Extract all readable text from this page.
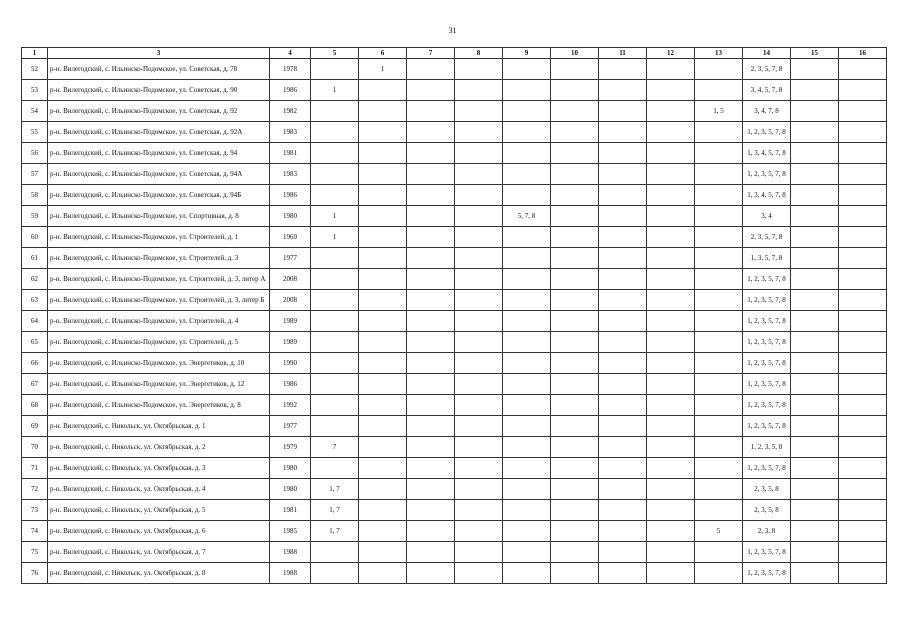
31
1	3	4	5	6	7	8	9	10	11	12	13	14	15	16
52	р-н. Вилегодский, с. Ильинско-Подомское, ул. Советская, д. 78	1978		1								2, 3, 5, 7, 8		
53	р-н. Вилегодский, с. Ильинско-Подомское, ул. Советская, д. 90	1986	1									3, 4, 5, 7, 8		
54	р-н. Вилегодский, с. Ильинско-Подомское, ул. Советская, д. 92	1982									1, 5	3, 4, 7, 8		
55	р-н. Вилегодский, с. Ильинско-Подомское, ул. Советская, д. 92А	1983										1, 2, 3, 5, 7, 8		
56	р-н. Вилегодский, с. Ильинско-Подомское, ул. Советская, д. 94	1981										1, 3, 4, 5, 7, 8		
57	р-н. Вилегодский, с. Ильинско-Подомское, ул. Советская, д. 94А	1983										1, 2, 3, 5, 7, 8		
58	р-н. Вилегодский, с. Ильинско-Подомское, ул. Советская, д. 94Б	1986										1, 3, 4, 5, 7, 8		
59	р-н. Вилегодский, с. Ильинско-Подомское, ул. Спортивная, д. 8	1980	1				5, 7, 8					3, 4		
60	р-н. Вилегодский, с. Ильинско-Подомское, ул. Строителей, д. 1	1969	1									2, 3, 5, 7, 8		
61	р-н. Вилегодский, с. Ильинско-Подомское, ул. Строителей, д. 3	1977										1, 3, 5, 7, 8		
62	р-н. Вилегодский, с. Ильинско-Подомское, ул. Строителей, д. 3, литер А	2008										1, 2, 3, 5, 7, 8		
63	р-н. Вилегодский, с. Ильинско-Подомское, ул. Строителей, д. 3, литер Б	2008										1, 2, 3, 5, 7, 8		
64	р-н. Вилегодский, с. Ильинско-Подомское, ул. Строителей, д. 4	1989										1, 2, 3, 5, 7, 8		
65	р-н. Вилегодский, с. Ильинско-Подомское, ул. Строителей, д. 5	1989										1, 2, 3, 5, 7, 8		
66	р-н. Вилегодский, с. Ильинско-Подомское, ул. Энергетиков, д. 10	1990										1, 2, 3, 5, 7, 8		
67	р-н. Вилегодский, с. Ильинско-Подомское, ул. Энергетиков, д. 12	1986										1, 2, 3, 5, 7, 8		
68	р-н. Вилегодский, с. Ильинско-Подомское, ул. Энергетиков, д. 8	1992										1, 2, 3, 5, 7, 8		
69	р-н. Вилегодский, с. Никольск, ул. Октябрьская, д. 1	1977										1, 2, 3, 5, 7, 8		
70	р-н. Вилегодский, с. Никольск, ул. Октябрьская, д. 2	1979	7									1, 2, 3, 5, 8		
71	р-н. Вилегодский, с. Никольск, ул. Октябрьская, д. 3	1980										1, 2, 3, 5, 7, 8		
72	р-н. Вилегодский, с. Никольск, ул. Октябрьская, д. 4	1980	1, 7									2, 3, 5, 8		
73	р-н. Вилегодский, с. Никольск, ул. Октябрьская, д. 5	1981	1, 7									2, 3, 5, 8		
74	р-н. Вилегодский, с. Никольск, ул. Октябрьская, д. 6	1985	1, 7								5	2, 3, 8		
75	р-н. Вилегодский, с. Никольск, ул. Октябрьская, д. 7	1988										1, 2, 3, 5, 7, 8		
76	р-н. Вилегодский, с. Никольск, ул. Октябрьская, д. 8	1988										1, 2, 3, 5, 7, 8		
